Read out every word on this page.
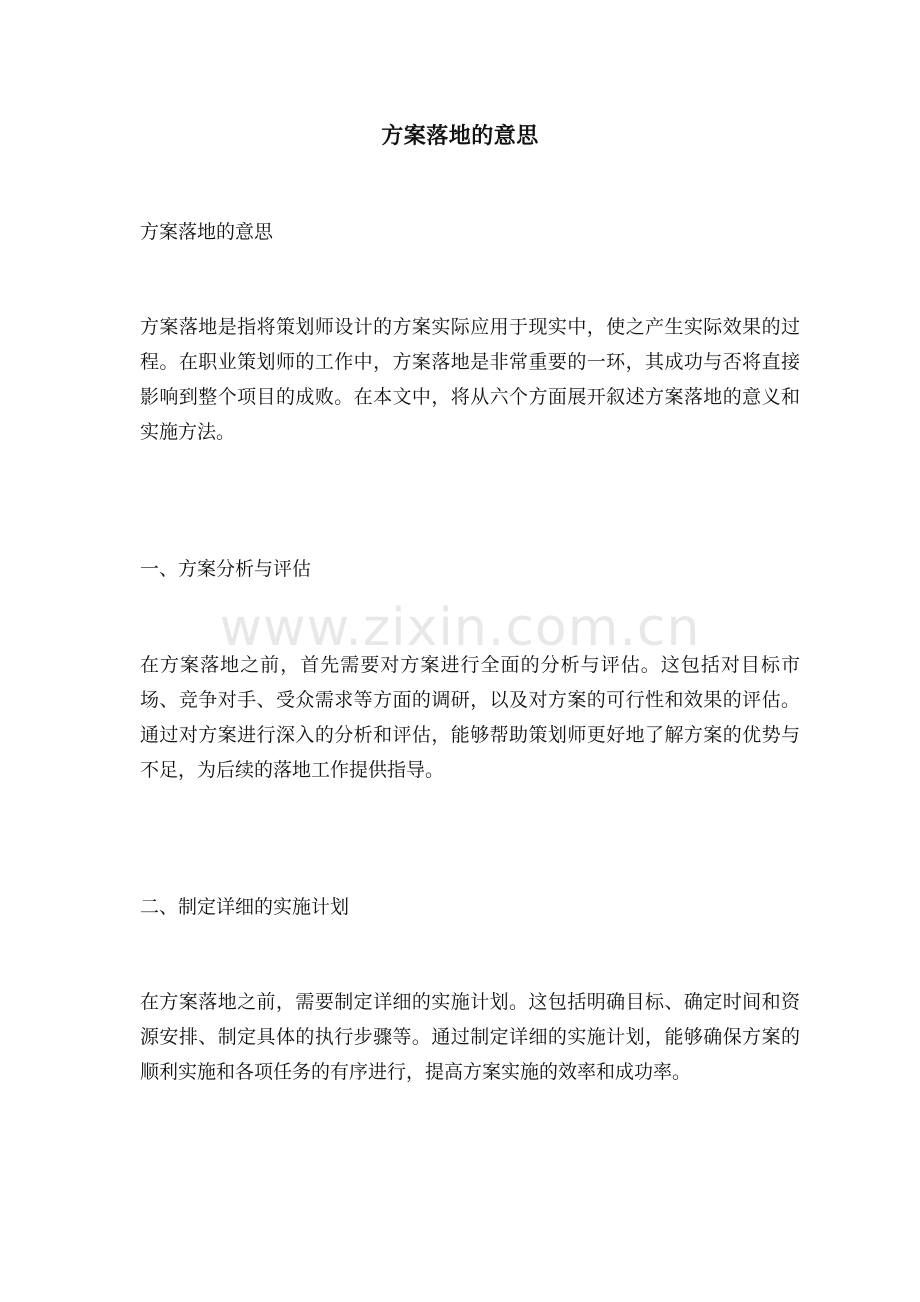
方案落地的意思
方案落地的意思
方案落地是指将策划师设计的方案实际应用于现实中，使之产生实际效果的过程。在职业策划师的工作中，方案落地是非常重要的一环，其成功与否将直接影响到整个项目的成败。在本文中，将从六个方面展开叙述方案落地的意义和实施方法。
一、方案分析与评估
在方案落地之前，首先需要对方案进行全面的分析与评估。这包括对目标市场、竞争对手、受众需求等方面的调研，以及对方案的可行性和效果的评估。通过对方案进行深入的分析和评估，能够帮助策划师更好地了解方案的优势与不足，为后续的落地工作提供指导。
二、制定详细的实施计划
在方案落地之前，需要制定详细的实施计划。这包括明确目标、确定时间和资源安排、制定具体的执行步骤等。通过制定详细的实施计划，能够确保方案的顺利实施和各项任务的有序进行，提高方案实施的效率和成功率。
www.zixin.com.cn
